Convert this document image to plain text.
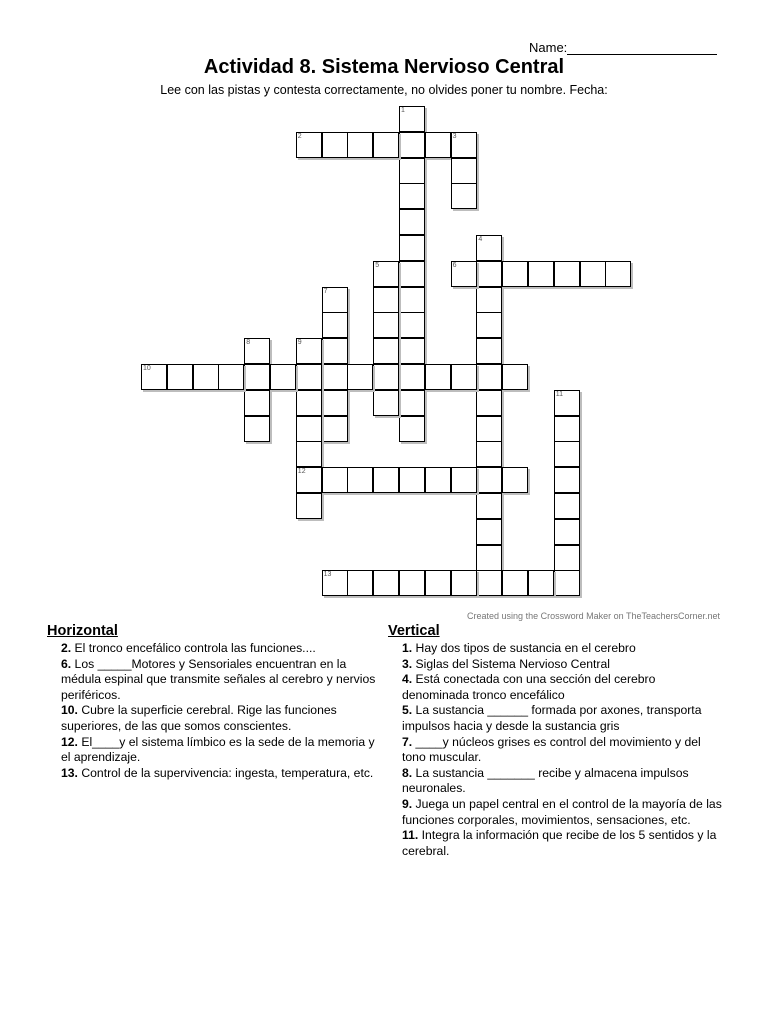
Name:
Actividad 8. Sistema Nervioso Central
Lee con las pistas y contesta correctamente, no olvides poner tu nombre. Fecha:
1
2	3
4
5	6
7
8	9
12
10
11
13
Created using the Crossword Maker on TheTeachersCorner.net
Horizontal
2. El tronco encefálico controla las funciones....
6. Los _____Motores y Sensoriales encuentran en la médula espinal que transmite señales al cerebro y nervios periféricos.
10. Cubre la superficie cerebral. Rige las funciones superiores, de las que somos conscientes.
12. El____y el sistema límbico es la sede de la memoria y el aprendizaje.
13. Control de la supervivencia: ingesta, temperatura, etc.
Vertical
1. Hay dos tipos de sustancia en el cerebro
3. Siglas del Sistema Nervioso Central
4. Está conectada con una sección del cerebro denominada tronco encefálico
5. La sustancia ______ formada por axones, transporta impulsos hacia y desde la sustancia gris
7. ____y núcleos grises es control del movimiento y del tono muscular.
8. La sustancia _______ recibe y almacena impulsos neuronales.
9. Juega un papel central en el control de la mayoría de las funciones corporales, movimientos, sensaciones, etc.
11. Integra la información que recibe de los 5 sentidos y la cerebral.
